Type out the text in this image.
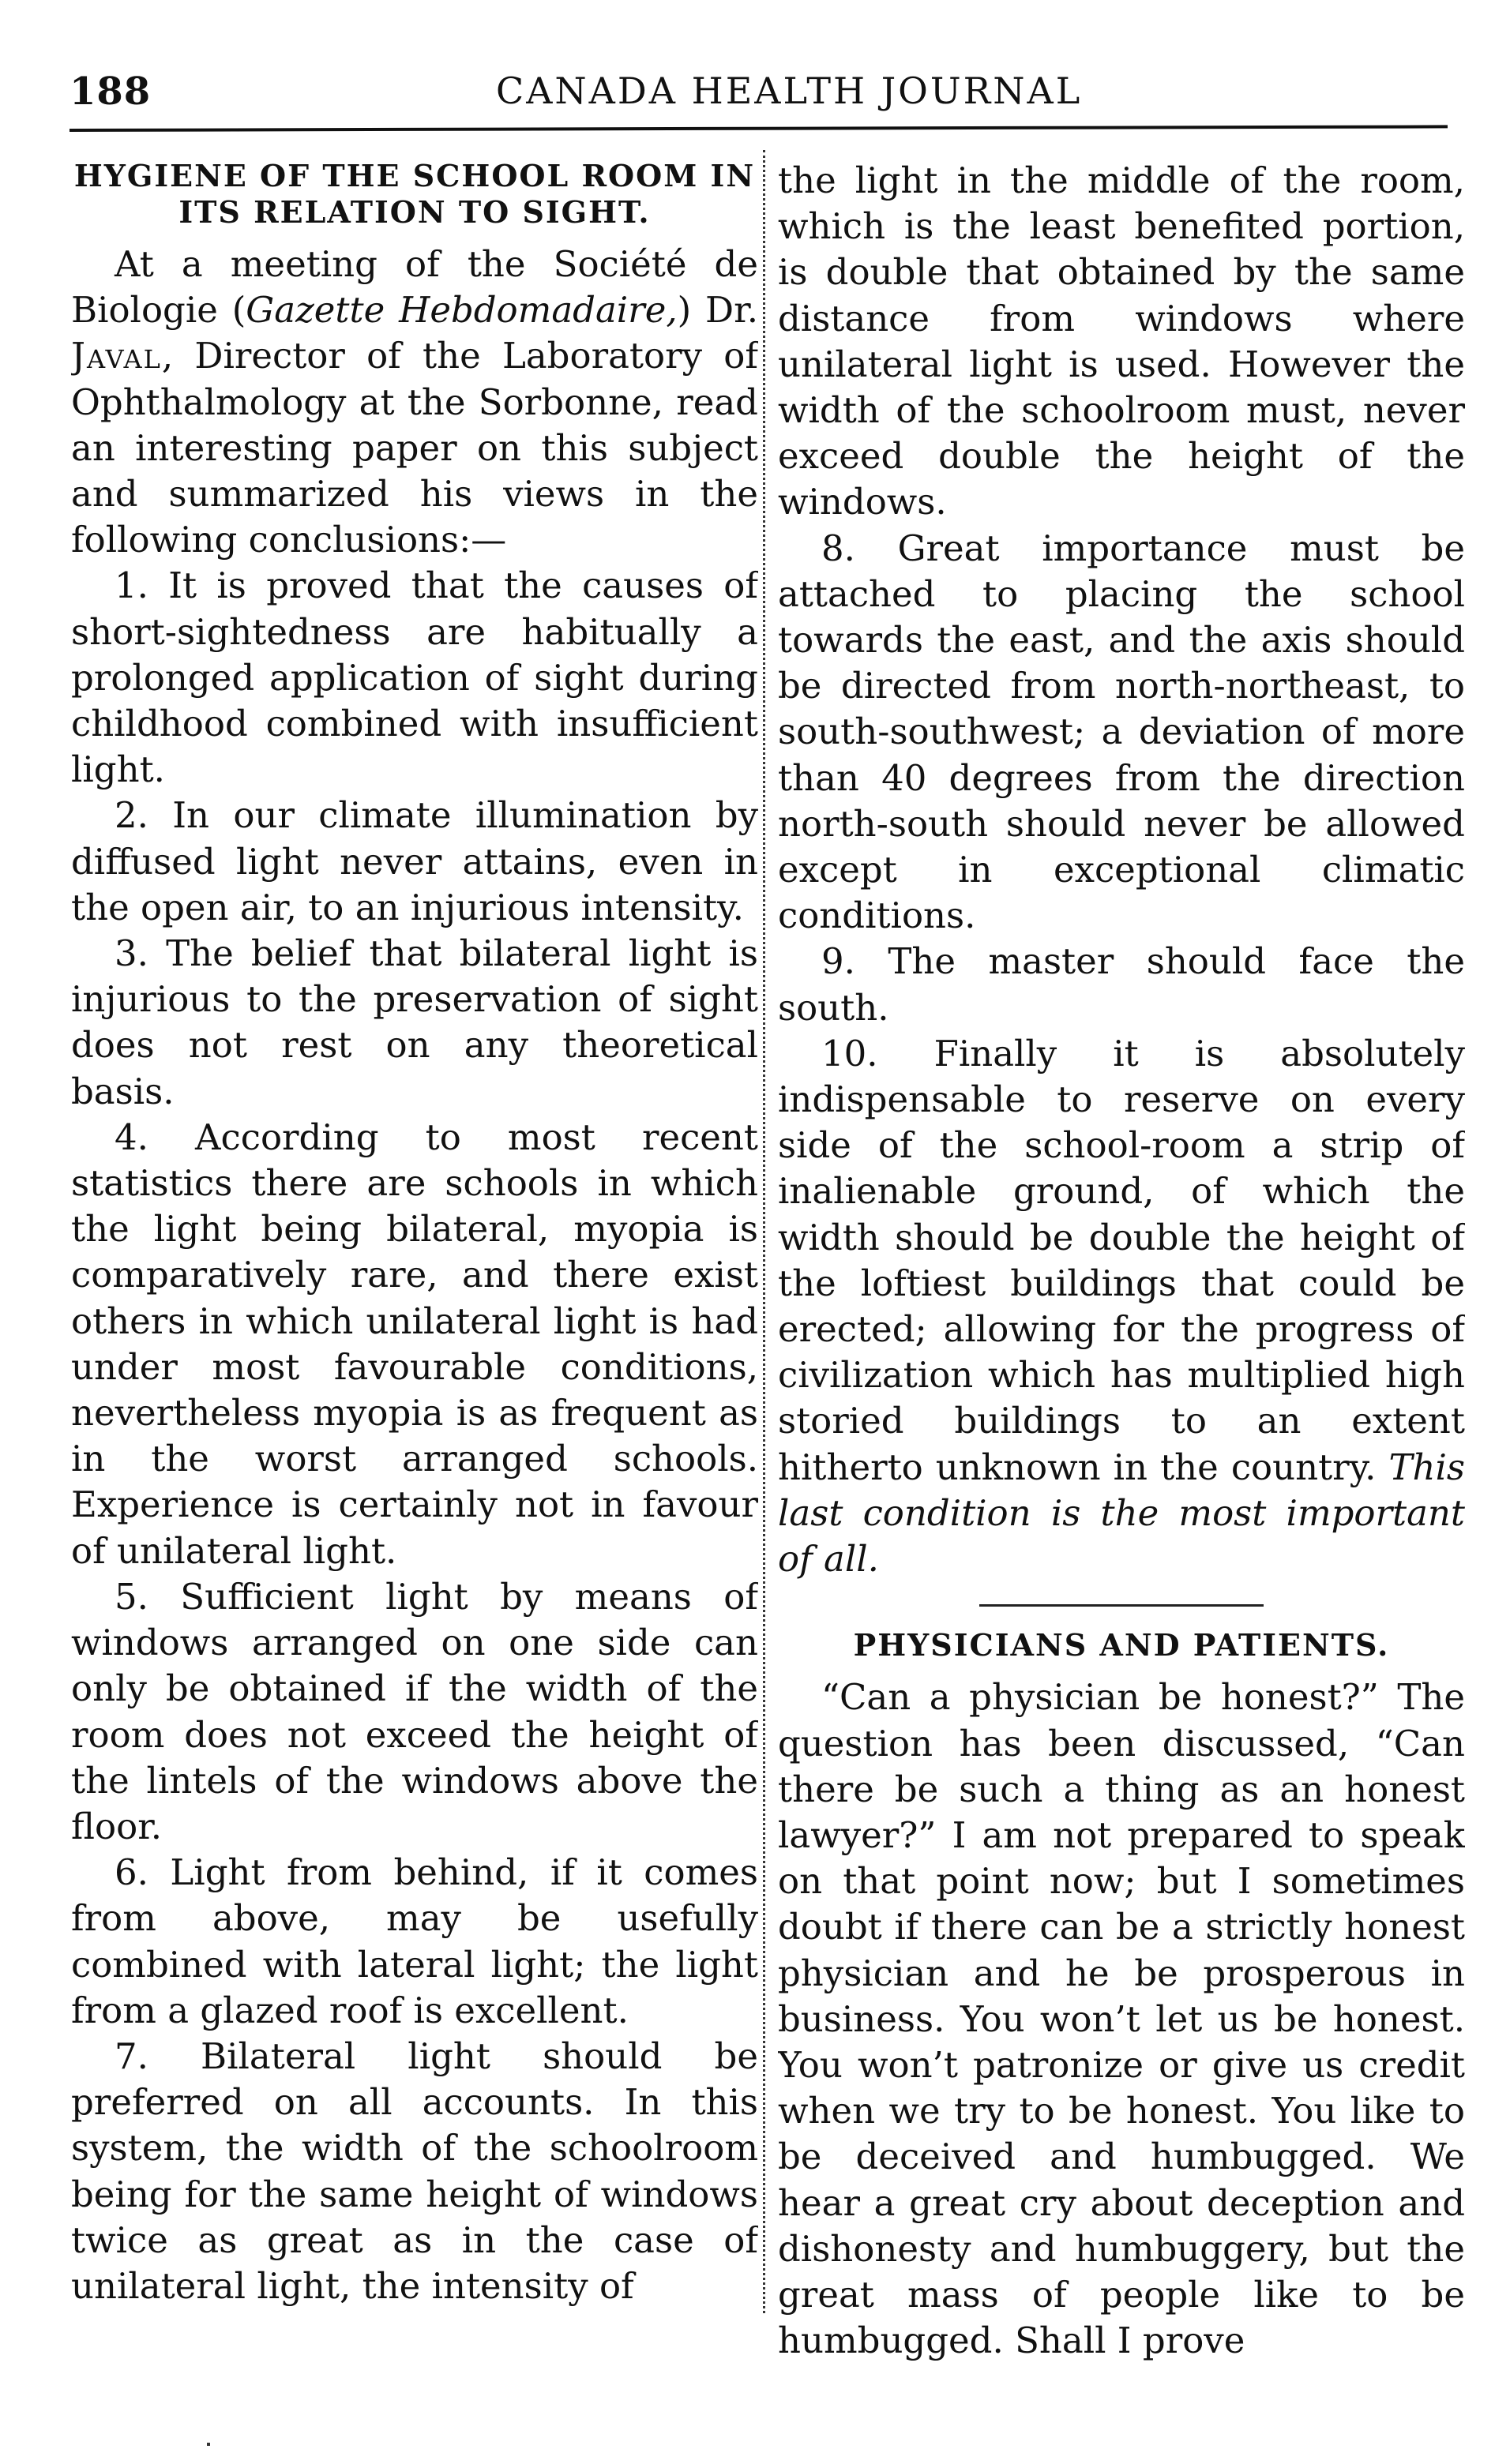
188	CANADA HEALTH JOURNAL
HYGIENE OF THE SCHOOL ROOM IN ITS RELATION TO SIGHT.

At a meeting of the Société de Biologie (Gazette Hebdomadaire,) Dr. Javal, Director of the Laboratory of Ophthalmology at the Sorbonne, read an interesting paper on this subject and summarized his views in the following conclusions:—

1. It is proved that the causes of short-sightedness are habitually a prolonged application of sight during childhood combined with insufficient light.

2. In our climate illumination by diffused light never attains, even in the open air, to an injurious intensity.

3. The belief that bilateral light is injurious to the preservation of sight does not rest on any theoretical basis.

4. According to most recent statistics there are schools in which the light being bilateral, myopia is comparatively rare, and there exist others in which unilateral light is had under most favourable conditions, nevertheless myopia is as frequent as in the worst arranged schools. Experience is certainly not in favour of unilateral light.

5. Sufficient light by means of windows arranged on one side can only be obtained if the width of the room does not exceed the height of the lintels of the windows above the floor.

6. Light from behind, if it comes from above, may be usefully combined with lateral light; the light from a glazed roof is excellent.

7. Bilateral light should be preferred on all accounts. In this system, the width of the schoolroom being for the same height of windows twice as great as in the case of unilateral light, the intensity of

the light in the middle of the room, which is the least benefited portion, is double that obtained by the same distance from windows where unilateral light is used. However the width of the schoolroom must, never exceed double the height of the windows.

8. Great importance must be attached to placing the school towards the east, and the axis should be directed from north-northeast, to south-southwest; a deviation of more than 40 degrees from the direction north-south should never be allowed except in exceptional climatic conditions.

9. The master should face the south.

10. Finally it is absolutely indispensable to reserve on every side of the school-room a strip of inalienable ground, of which the width should be double the height of the loftiest buildings that could be erected; allowing for the progress of civilization which has multiplied high storied buildings to an extent hitherto unknown in the country. This last condition is the most important of all.

PHYSICIANS AND PATIENTS.

“Can a physician be honest?” The question has been discussed, “Can there be such a thing as an honest lawyer?” I am not prepared to speak on that point now; but I sometimes doubt if there can be a strictly honest physician and he be prosperous in business. You won’t let us be honest. You won’t patronize or give us credit when we try to be honest. You like to be deceived and humbugged. We hear a great cry about deception and dishonesty and humbuggery, but the great mass of people like to be humbugged. Shall I prove
